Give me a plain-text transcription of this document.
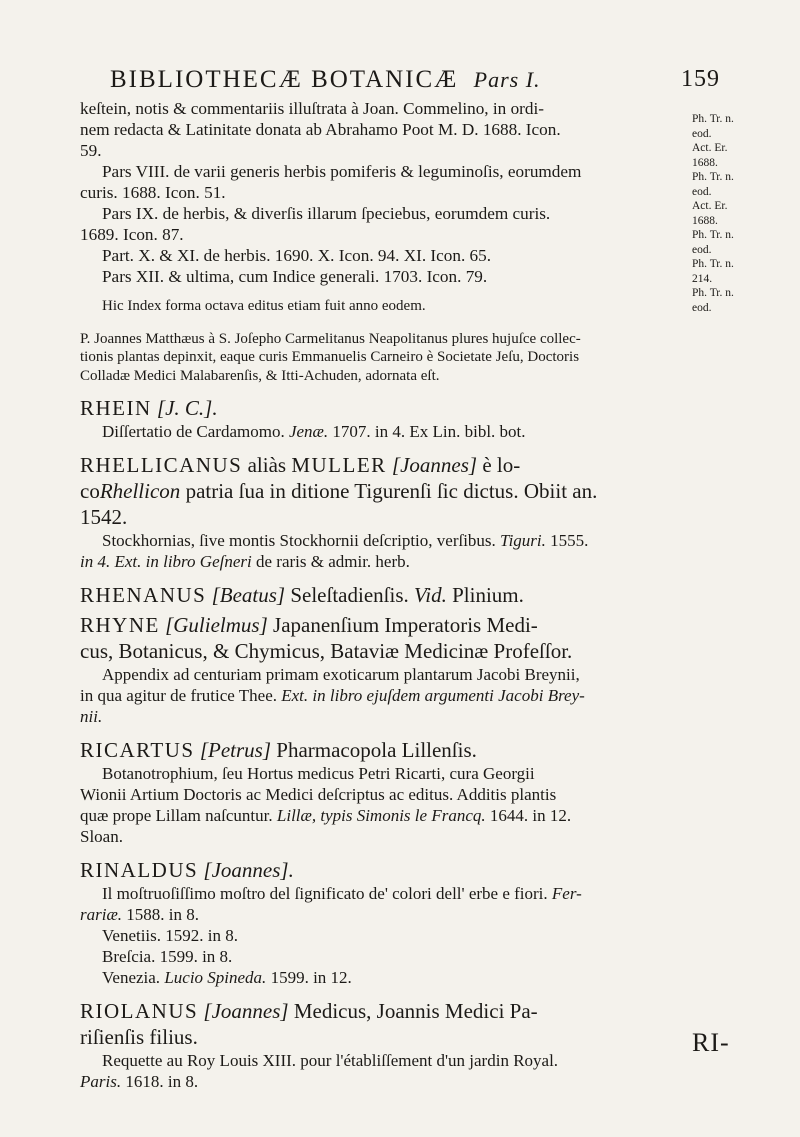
BIBLIOTHECÆ BOTANICÆ Pars I.	159
keſtein, notis & commentariis illuſtrata à Joan. Commelino, in ordi-
nem redacta & Latinitate donata ab Abrahamo Poot M. D. 1688. Icon.
59.
Pars VIII. de varii generis herbis pomiferis & leguminoſis, eorumdem
curis. 1688. Icon. 51.
Pars IX. de herbis, & diverſis illarum ſpeciebus, eorumdem curis.
1689. Icon. 87.
Part. X. & XI. de herbis. 1690. X. Icon. 94. XI. Icon. 65.
Pars XII. & ultima, cum Indice generali. 1703. Icon. 79.
Hic Index forma octava editus etiam fuit anno eodem.
P. Joannes Matthæus à S. Joſepho Carmelitanus Neapolitanus plures hujuſce collec-
tionis plantas depinxit, eaque curis Emmanuelis Carneiro è Societate Jeſu, Doctoris
Colladæ Medici Malabarenſis, & Itti-Achuden, adornata eſt.
RHEIN [J. C.].
Diſſertatio de Cardamomo. Jenæ. 1707. in 4. Ex Lin. bibl. bot.
RHELLICANUS aliàs MULLER [Joannes] è lo-
coRhellicon patria ſua in ditione Tigurenſi ſic dictus. Obiit an.
1542.
Stockhornias, ſive montis Stockhornii deſcriptio, verſibus. Tiguri. 1555.
in 4. Ext. in libro Geſneri de raris & admir. herb.
RHENANUS [Beatus] Seleſtadienſis. Vid. Plinium.
RHYNE [Gulielmus] Japanenſium Imperatoris Medi-
cus, Botanicus, & Chymicus, Bataviæ Medicinæ Profeſſor.
Appendix ad centuriam primam exoticarum plantarum Jacobi Breynii,
in qua agitur de frutice Thee. Ext. in libro ejuſdem argumenti Jacobi Brey-
nii.
RICARTUS [Petrus] Pharmacopola Lillenſis.
Botanotrophium, ſeu Hortus medicus Petri Ricarti, cura Georgii
Wionii Artium Doctoris ac Medici deſcriptus ac editus. Additis plantis
quæ prope Lillam naſcuntur. Lillæ, typis Simonis le Francq. 1644. in 12.
Sloan.
RINALDUS [Joannes].
Il moſtruoſiſſimo moſtro del ſignificato de' colori dell' erbe e fiori. Fer-
rariæ. 1588. in 8.
Venetiis. 1592. in 8.
Breſcia. 1599. in 8.
Venezia. Lucio Spineda. 1599. in 12.
RIOLANUS [Joannes] Medicus, Joannis Medici Pa-
riſienſis filius.
Requette au Roy Louis XIII. pour l'établiſſement d'un jardin Royal.
Paris. 1618. in 8.
Ph. Tr. n.
eod.
Act. Er.
1688.
Ph. Tr. n.
eod.
Act. Er.
1688.
Ph. Tr. n.
eod.
Ph. Tr. n.
214.
Ph. Tr. n.
eod.
RI-
